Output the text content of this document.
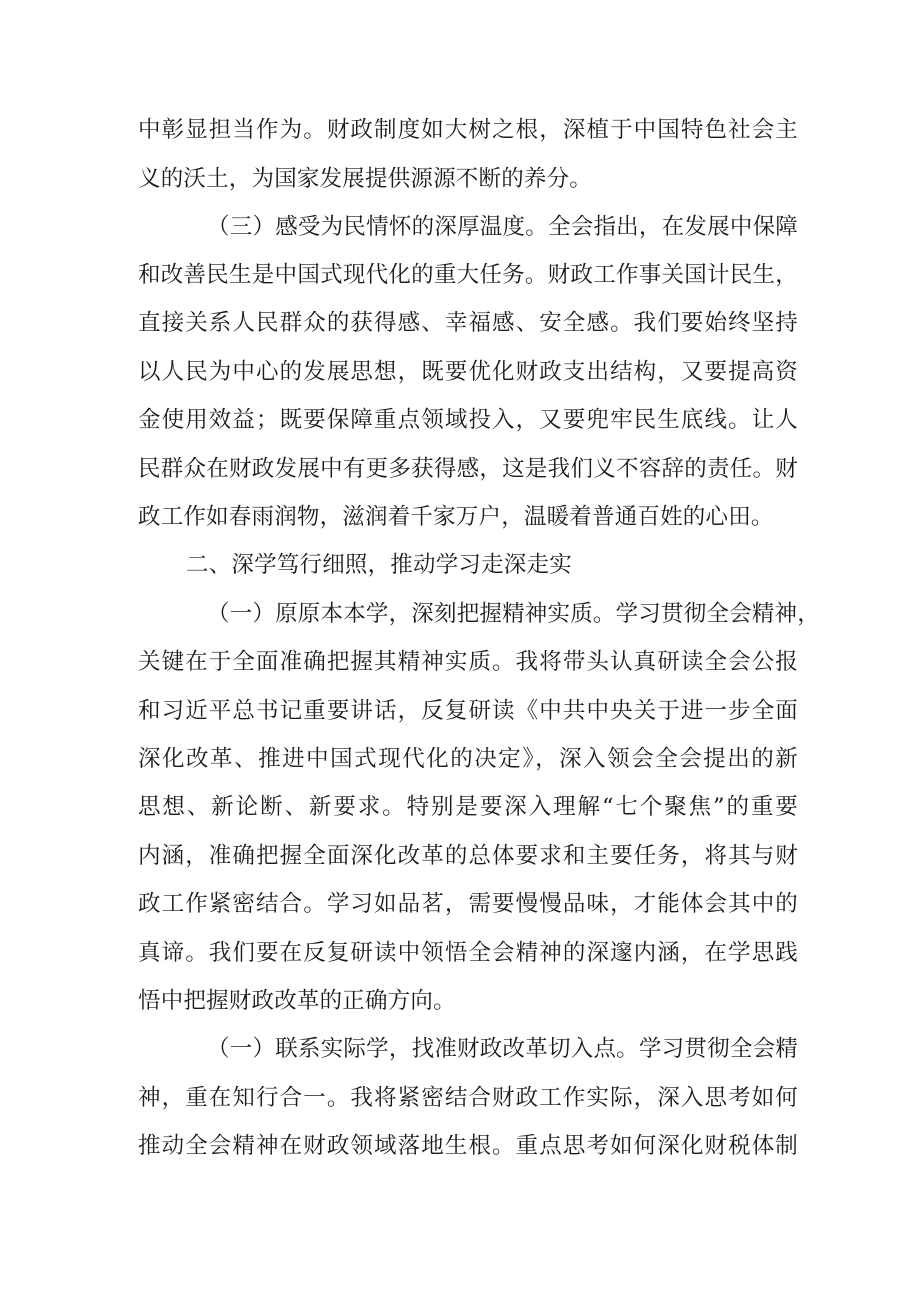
中彰显担当作为。财政制度如大树之根，深植于中国特色社会主
义的沃土，为国家发展提供源源不断的养分。
（三）感受为民情怀的深厚温度。全会指出，在发展中保障
和改善民生是中国式现代化的重大任务。财政工作事关国计民生，
直接关系人民群众的获得感、幸福感、安全感。我们要始终坚持
以人民为中心的发展思想，既要优化财政支出结构，又要提高资
金使用效益；既要保障重点领域投入，又要兜牢民生底线。让人
民群众在财政发展中有更多获得感，这是我们义不容辞的责任。财
政工作如春雨润物，滋润着千家万户，温暖着普通百姓的心田。
二、深学笃行细照，推动学习走深走实
（一）原原本本学，深刻把握精神实质。学习贯彻全会精神，
关键在于全面准确把握其精神实质。我将带头认真研读全会公报
和习近平总书记重要讲话，反复研读《中共中央关于进一步全面
深化改革、推进中国式现代化的决定》，深入领会全会提出的新
思想、新论断、新要求。特别是要深入理解“七个聚焦”的重要
内涵，准确把握全面深化改革的总体要求和主要任务，将其与财
政工作紧密结合。学习如品茗，需要慢慢品味，才能体会其中的
真谛。我们要在反复研读中领悟全会精神的深邃内涵，在学思践
悟中把握财政改革的正确方向。
（一）联系实际学，找准财政改革切入点。学习贯彻全会精
神，重在知行合一。我将紧密结合财政工作实际，深入思考如何
推动全会精神在财政领域落地生根。重点思考如何深化财税体制
